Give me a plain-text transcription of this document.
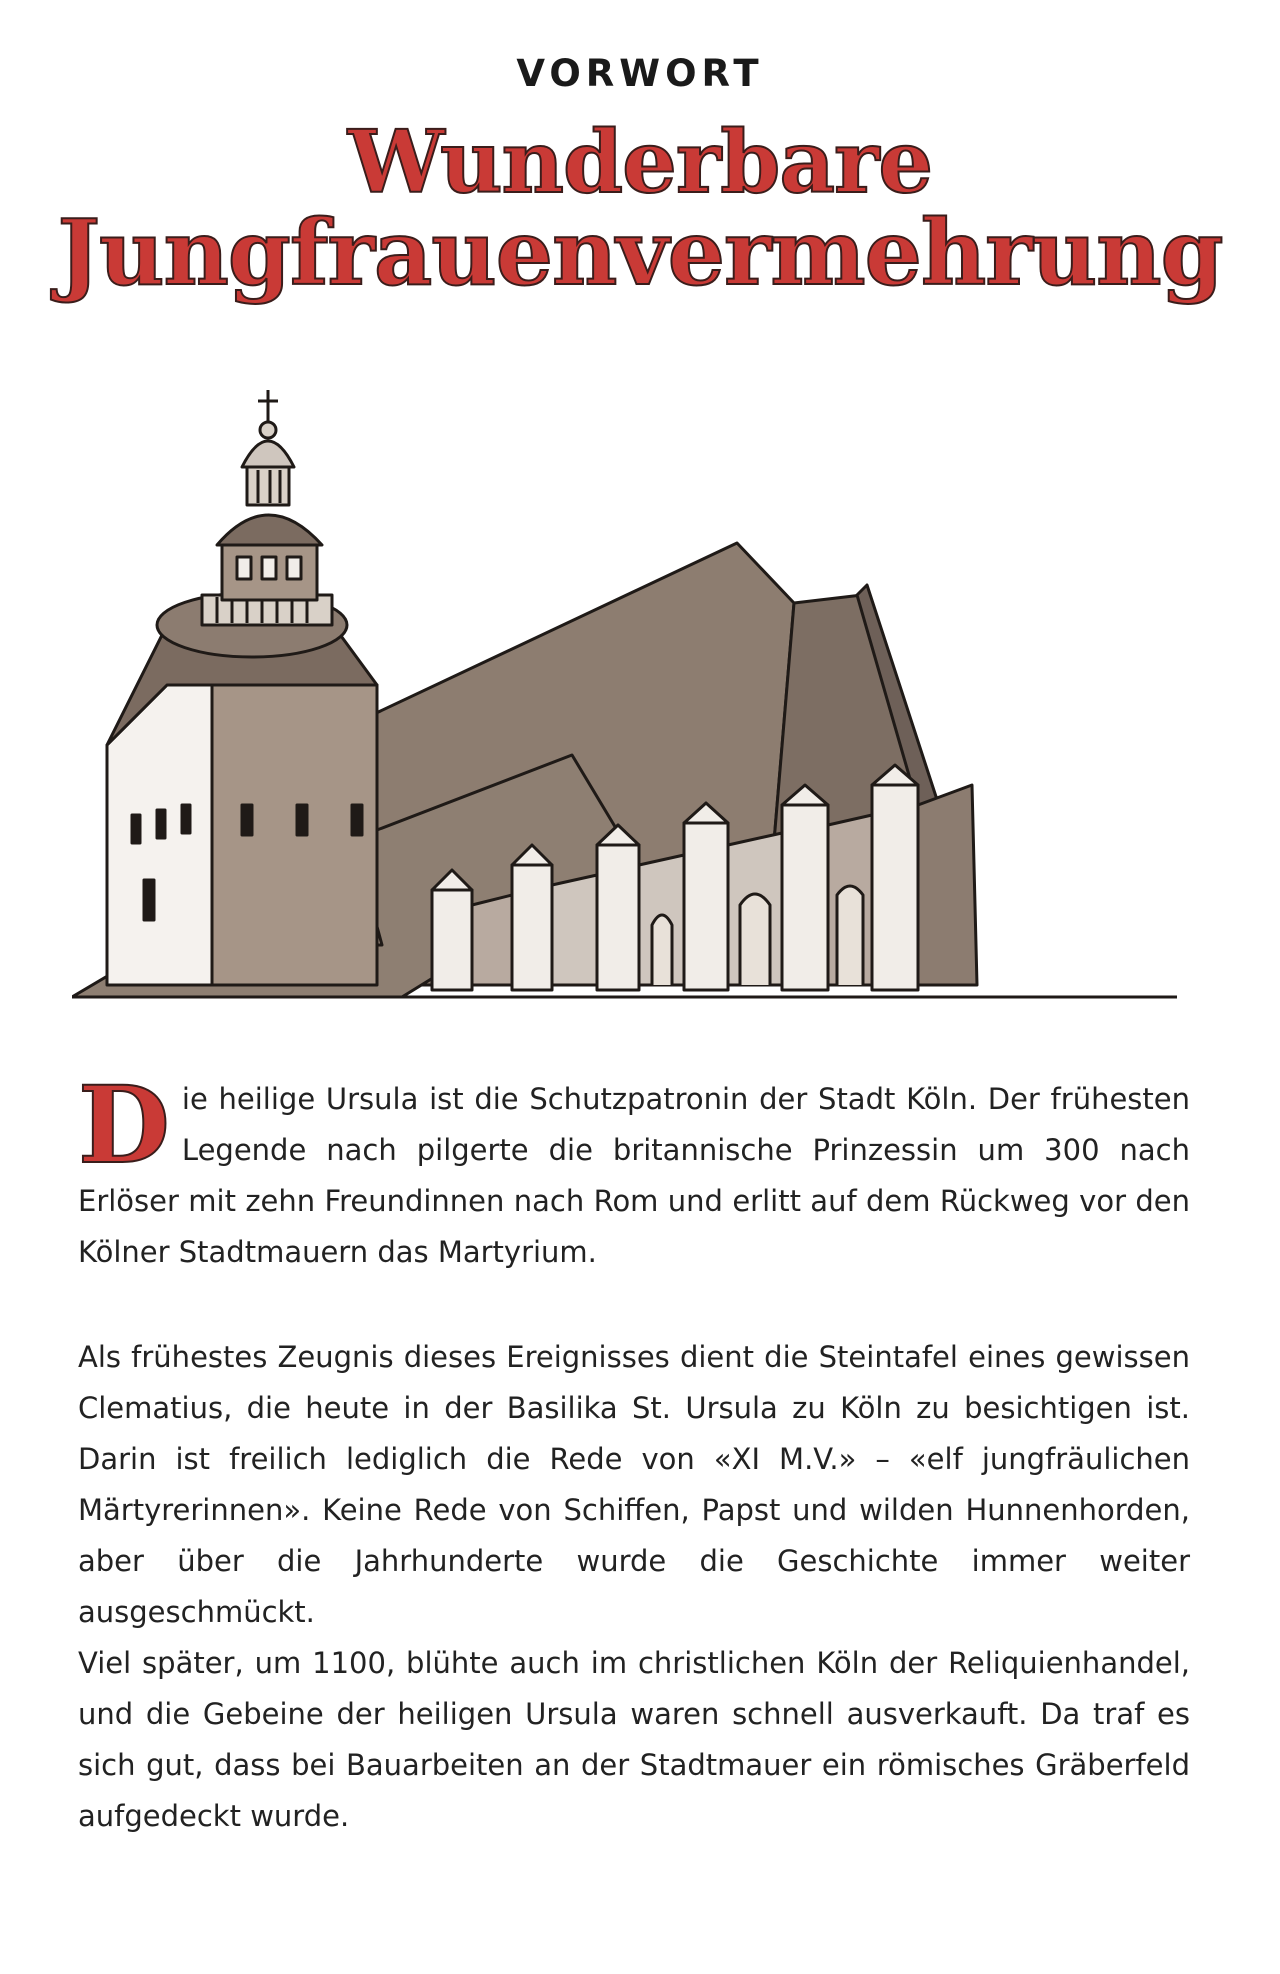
VORWORT
Wunderbare
Jungfrauenvermehrung
Die heilige Ursula ist die Schutzpatronin der Stadt Köln. Der frühesten Legende nach pilgerte die britannische Prinzessin um 300 nach Erlöser mit zehn Freundinnen nach Rom und erlitt auf dem Rückweg vor den Kölner Stadtmauern das Martyrium.
Als frühestes Zeugnis dieses Ereignisses dient die Steintafel eines gewissen Clematius, die heute in der Basilika St. Ursula zu Köln zu besichtigen ist. Darin ist freilich lediglich die Rede von «XI M.V.» – «elf jungfräulichen Märtyrerinnen». Keine Rede von Schiffen, Papst und wilden Hunnenhorden, aber über die Jahrhunderte wurde die Geschichte immer weiter ausgeschmückt.
Viel später, um 1100, blühte auch im christlichen Köln der Reliquienhandel, und die Gebeine der heiligen Ursula waren schnell ausverkauft. Da traf es sich gut, dass bei Bauarbeiten an der Stadtmauer ein römisches Gräberfeld aufgedeckt wurde.
